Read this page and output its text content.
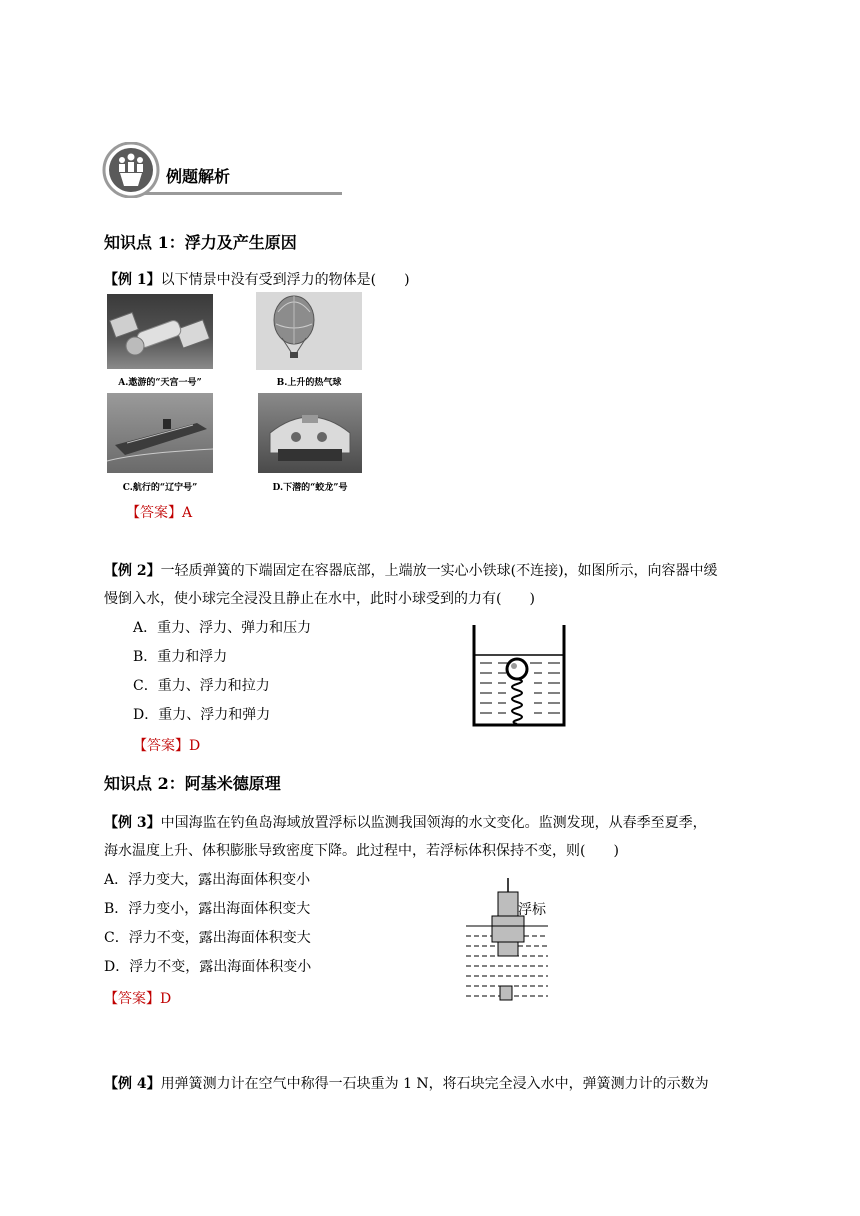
例题解析
知识点 1：浮力及产生原因
【例 1】以下情景中没有受到浮力的物体是(　　)
A.遨游的“天宫一号”	B.上升的热气球
C.航行的“辽宁号”	D.下潜的“蛟龙”号
【答案】A
【例 2】一轻质弹簧的下端固定在容器底部，上端放一实心小铁球(不连接)，如图所示，向容器中缓
慢倒入水，使小球完全浸没且静止在水中，此时小球受到的力有(　　)
A．重力、浮力、弹力和压力
B．重力和浮力
C．重力、浮力和拉力
D．重力、浮力和弹力
【答案】D
知识点 2：阿基米德原理
【例 3】中国海监在钓鱼岛海域放置浮标以监测我国领海的水文变化。监测发现，从春季至夏季，
海水温度上升、体积膨胀导致密度下降。此过程中，若浮标体积保持不变，则(　　)
A．浮力变大，露出海面体积变小
B．浮力变小，露出海面体积变大
C．浮力不变，露出海面体积变大
D．浮力不变，露出海面体积变小
【答案】D
浮标
【例 4】用弹簧测力计在空气中称得一石块重为 1 N，将石块完全浸入水中，弹簧测力计的示数为
